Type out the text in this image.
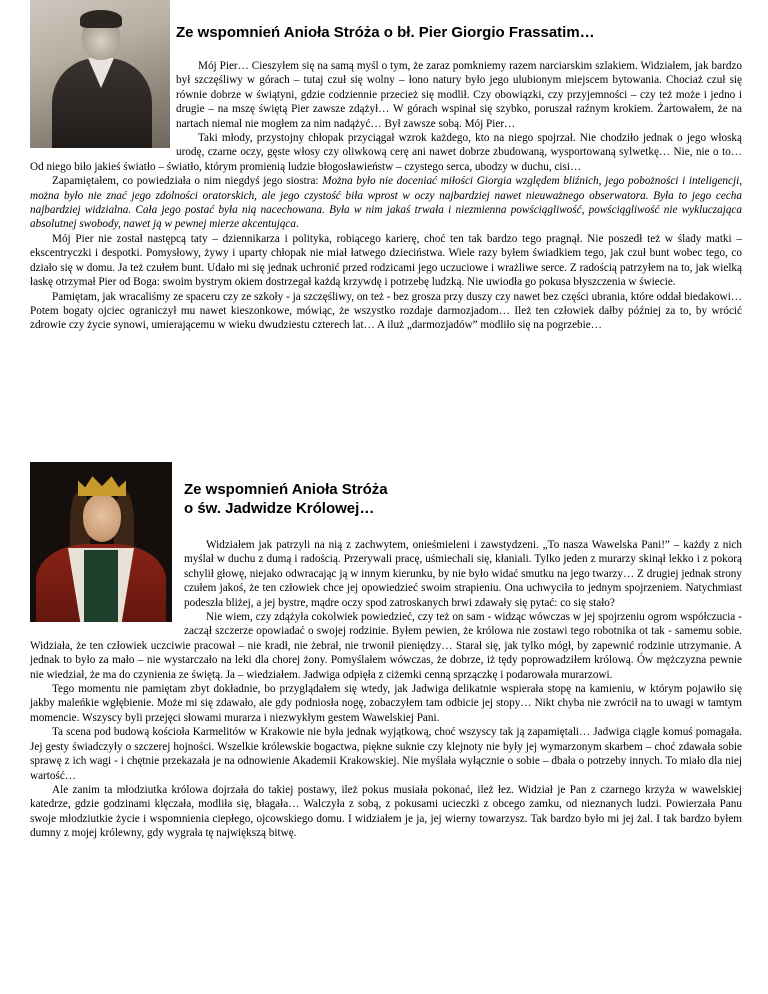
Ze wspomnień Anioła Stróża o bł. Pier Giorgio Frassatim…

Mój Pier… Cieszyłem się na samą myśl o tym, że zaraz pomkniemy razem narciarskim szlakiem. Widziałem, jak bardzo był szczęśliwy w górach – tutaj czuł się wolny – łono natury było jego ulubionym miejscem bytowania. Chociaż czuł się równie dobrze w świątyni, gdzie codziennie przecież się modlił. Czy obowiązki, czy przyjemności – czy też może i jedno i drugie – na mszę świętą Pier zawsze zdążył… W górach wspinał się szybko, poruszał raźnym krokiem. Żartowałem, że na nartach niemal nie mogłem za nim nadążyć… Był zawsze sobą. Mój Pier…

Taki młody, przystojny chłopak przyciągał wzrok każdego, kto na niego spojrzał. Nie chodziło jednak o jego włoską urodę, czarne oczy, gęste włosy czy oliwkową cerę ani nawet dobrze zbudowaną, wysportowaną sylwetkę… Nie, nie o to… Od niego biło jakieś światło – światło, którym promienią ludzie błogosławieństw – czystego serca, ubodzy w duchu, cisi…

Zapamiętałem, co powiedziała o nim niegdyś jego siostra: Można było nie doceniać miłości Giorgia względem bliźnich, jego pobożności i inteligencji, można było nie znać jego zdolności oratorskich, ale jego czystość biła wprost w oczy najbardziej nawet nieuważnego obserwatora. Była to jego cecha najbardziej widzialna. Cała jego postać była nią nacechowana. Była w nim jakaś trwała i niezmienna powściągliwość, powściągliwość nie wykluczająca absolutnej swobody, nawet ją w pewnej mierze akcentująca.

Mój Pier nie został następcą taty – dziennikarza i polityka, robiącego karierę, choć ten tak bardzo tego pragnął. Nie poszedł też w ślady matki – ekscentryczki i despotki. Pomysłowy, żywy i uparty chłopak nie miał łatwego dzieciństwa. Wiele razy byłem świadkiem tego, jak czuł bunt wobec tego, co działo się w domu. Ja też czułem bunt. Udało mi się jednak uchronić przed rodzicami jego uczuciowe i wrażliwe serce. Z radością patrzyłem na to, jak wielką łaskę otrzymał Pier od Boga: swoim bystrym okiem dostrzegał każdą krzywdę i potrzebę ludzką. Nie uwiodła go pokusa błyszczenia w świecie.

Pamiętam, jak wracaliśmy ze spaceru czy ze szkoły - ja szczęśliwy, on też - bez grosza przy duszy czy nawet bez części ubrania, które oddał biedakowi… Potem bogaty ojciec ograniczył mu nawet kieszonkowe, mówiąc, że wszystko rozdaje darmozjadom… Ileż ten człowiek dałby później za to, by wrócić zdrowie czy życie synowi, umierającemu w wieku dwudziestu czterech lat… A iluż „darmozjadów” modliło się na pogrzebie…

Ze wspomnień Anioła Stróża
o św. Jadwidze Królowej…

Widziałem jak patrzyli na nią z zachwytem, onieśmieleni i zawstydzeni. „To nasza Wawelska Pani!” – każdy z nich myślał w duchu z dumą i radością. Przerywali pracę, uśmiechali się, kłaniali. Tylko jeden z murarzy skinął lekko i z pokorą schylił głowę, niejako odwracając ją w innym kierunku, by nie było widać smutku na jego twarzy… Z drugiej jednak strony czułem jakoś, że ten człowiek chce jej opowiedzieć swoim strapieniu. Ona uchwyciła to jednym spojrzeniem. Natychmiast podeszła bliżej, a jej bystre, mądre oczy spod zatroskanych brwi zdawały się pytać: co się stało?

Nie wiem, czy zdążyła cokolwiek powiedzieć, czy też on sam - widząc wówczas w jej spojrzeniu ogrom współczucia - zaczął szczerze opowiadać o swojej rodzinie. Byłem pewien, że królowa nie zostawi tego robotnika ot tak - samemu sobie. Widziała, że ten człowiek uczciwie pracował – nie kradł, nie żebrał, nie trwonił pieniędzy… Starał się, jak tylko mógł, by zapewnić rodzinie utrzymanie. A jednak to było za mało – nie wystarczało na leki dla chorej żony. Pomyślałem wówczas, że dobrze, iż tędy poprowadziłem królową. Ów mężczyzna pewnie nie wiedział, że ma do czynienia ze świętą. Ja – wiedziałem. Jadwiga odpięła z ciżemki cenną sprzączkę i podarowała murarzowi.

Tego momentu nie pamiętam zbyt dokładnie, bo przyglądałem się wtedy, jak Jadwiga delikatnie wspierała stopę na kamieniu, w którym pojawiło się jakby maleńkie wgłębienie. Może mi się zdawało, ale gdy podniosła nogę, zobaczyłem tam odbicie jej stopy… Nikt chyba nie zwrócił na to uwagi w tamtym momencie. Wszyscy byli przejęci słowami murarza i niezwykłym gestem Wawelskiej Pani.

Ta scena pod budową kościoła Karmelitów w Krakowie nie była jednak wyjątkową, choć wszyscy tak ją zapamiętali… Jadwiga ciągle komuś pomagała. Jej gesty świadczyły o szczerej hojności. Wszelkie królewskie bogactwa, piękne suknie czy klejnoty nie były jej wymarzonym skarbem – choć zdawała sobie sprawę z ich wagi - i chętnie przekazała je na odnowienie Akademii Krakowskiej. Nie myślała wyłącznie o sobie – dbała o potrzeby innych. To miało dla niej wartość…

Ale zanim ta młodziutka królowa dojrzała do takiej postawy, ileż pokus musiała pokonać, ileż łez. Widział je Pan z czarnego krzyża w wawelskiej katedrze, gdzie godzinami klęczała, modliła się, błagała… Walczyła z sobą, z pokusami ucieczki z obcego zamku, od nieznanych ludzi. Powierzała Panu swoje młodziutkie życie i wspomnienia ciepłego, ojcowskiego domu. I widziałem je ja, jej wierny towarzysz. Tak bardzo było mi jej żal. I tak bardzo byłem dumny z mojej królewny, gdy wygrała tę największą bitwę.
